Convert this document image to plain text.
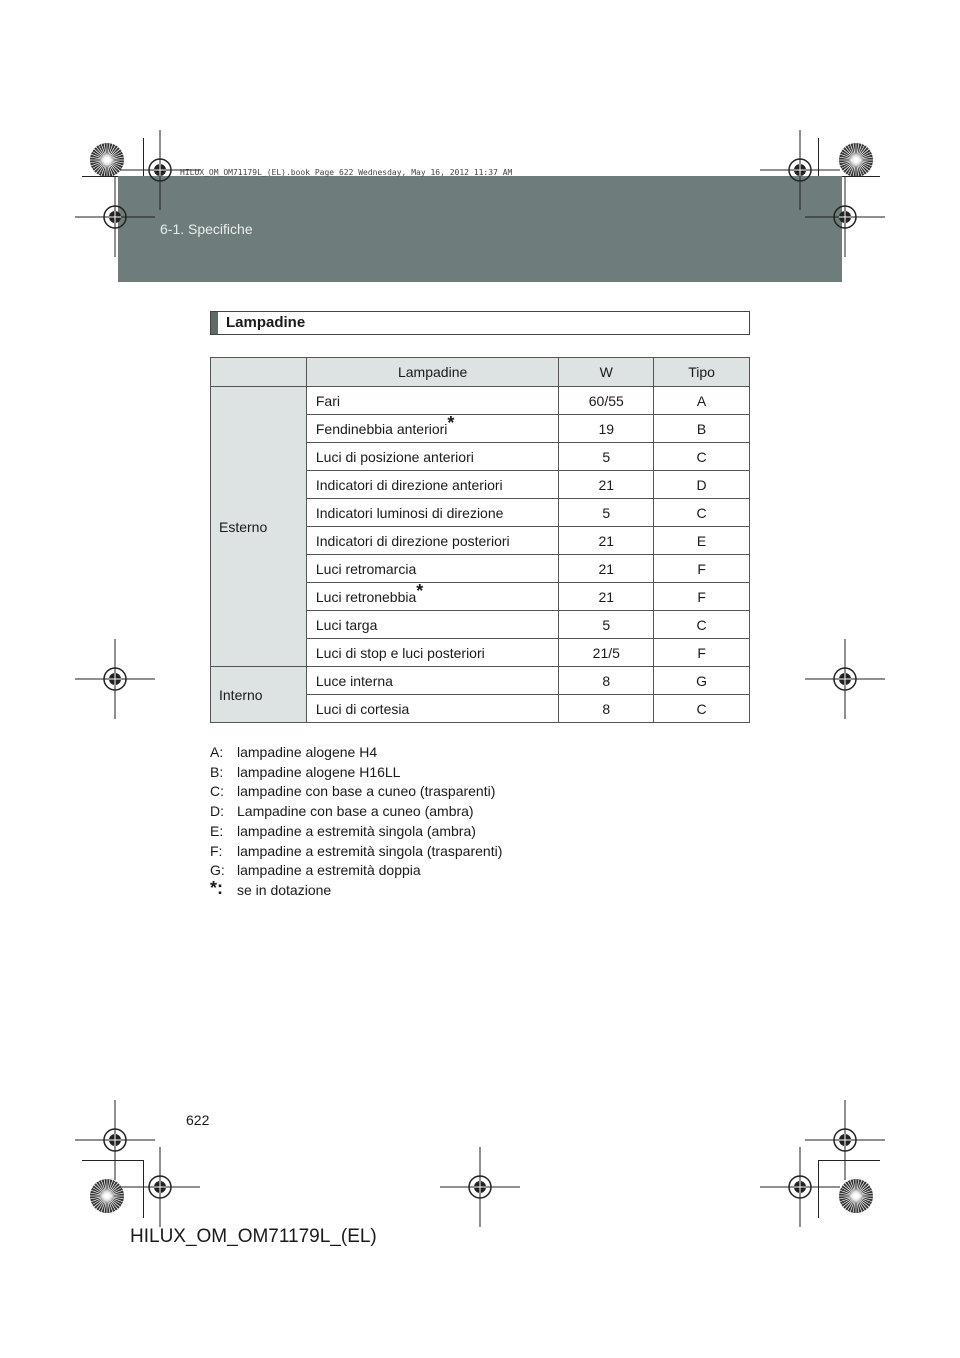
6-1. Specifiche
HILUX_OM_OM71179L_(EL).book Page 622 Wednesday, May 16, 2012 11:37 AM
Lampadine
	Lampadine	W	Tipo
Esterno	Fari	60/55	A
	Fendinebbia anteriori*	19	B
	Luci di posizione anteriori	5	C
	Indicatori di direzione anteriori	21	D
	Indicatori luminosi di direzione	5	C
	Indicatori di direzione posteriori	21	E
	Luci retromarcia	21	F
	Luci retronebbia*	21	F
	Luci targa	5	C
	Luci di stop e luci posteriori	21/5	F
Interno	Luce interna	8	G
	Luci di cortesia	8	C
A: lampadine alogene H4
B: lampadine alogene H16LL
C: lampadine con base a cuneo (trasparenti)
D: Lampadine con base a cuneo (ambra)
E: lampadine a estremità singola (ambra)
F:	lampadine a estremità singola (trasparenti)
G: lampadine a estremità doppia
*:	se in dotazione
622
HILUX_OM_OM71179L_(EL)
